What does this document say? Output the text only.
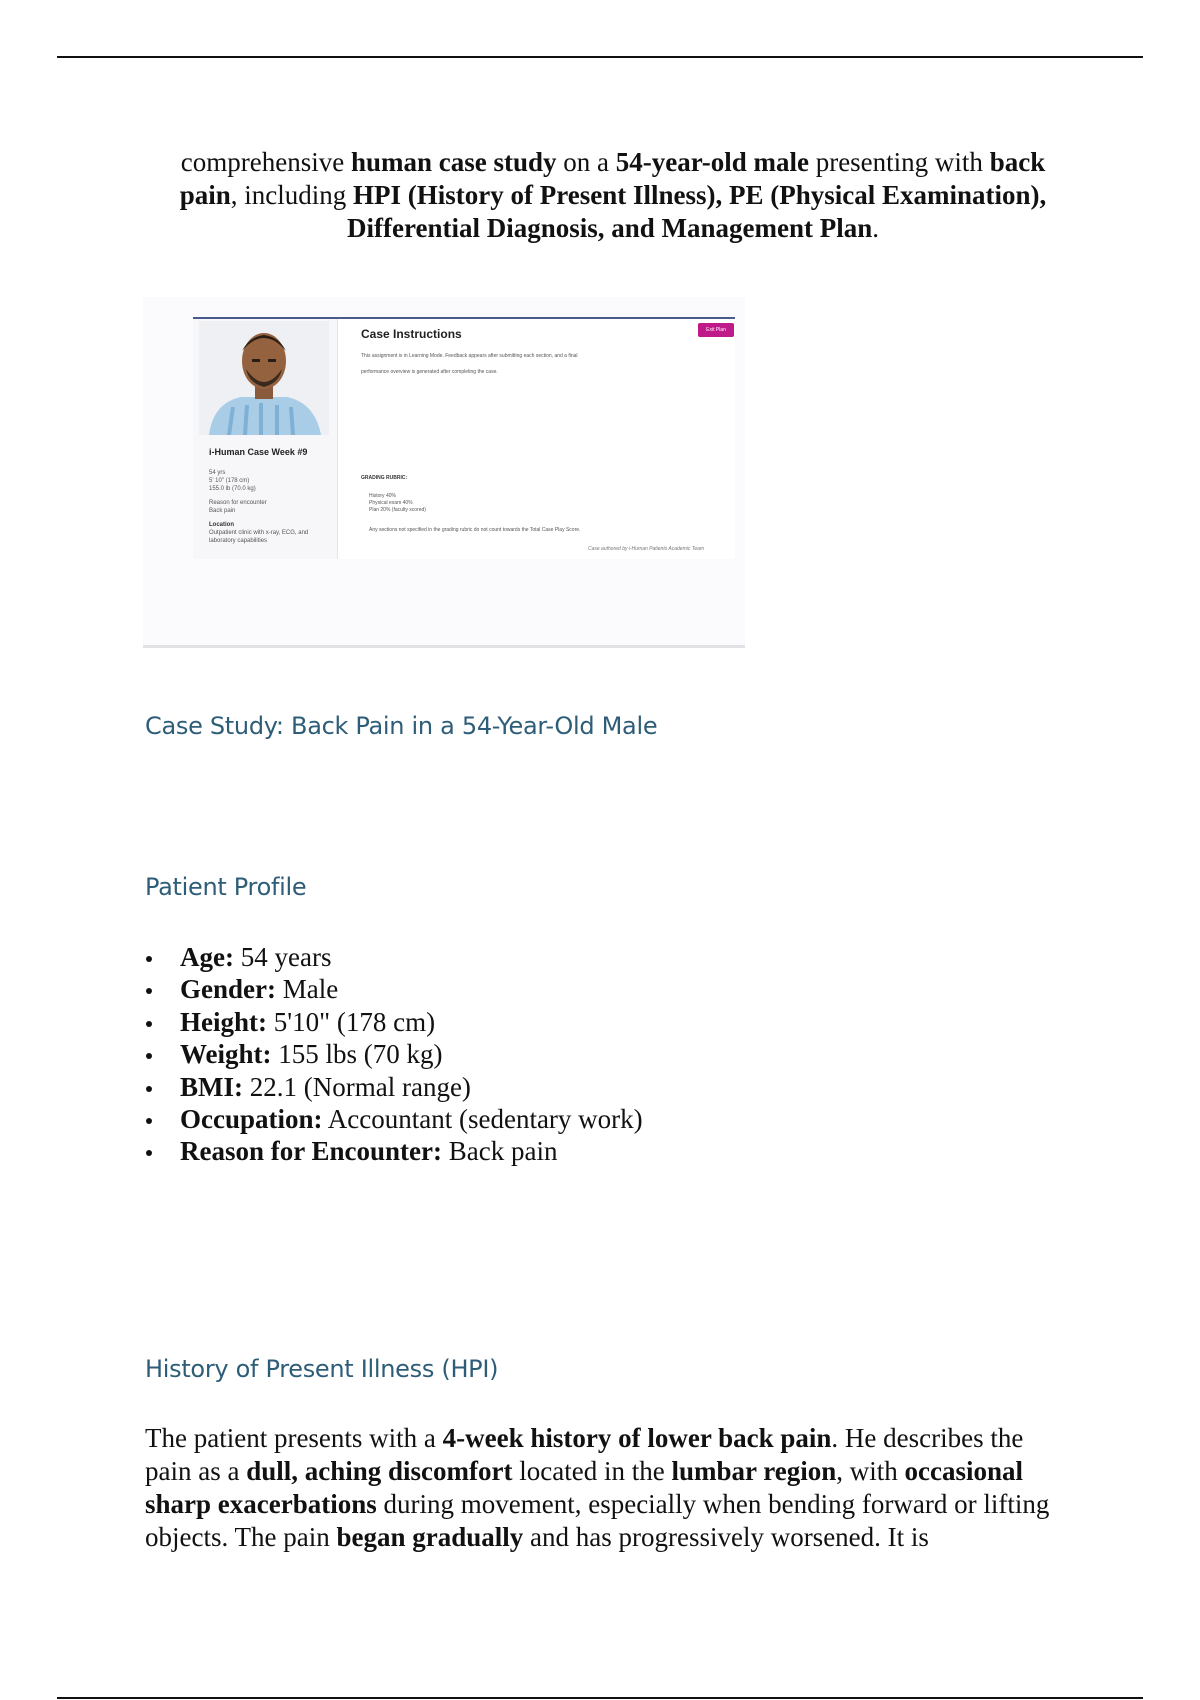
comprehensive human case study on a 54-year-old male presenting with back pain, including HPI (History of Present Illness), PE (Physical Examination), Differential Diagnosis, and Management Plan.
i-Human Case Week #9
54 yrs
5' 10" (178 cm)
155.0 lb (70.0 kg)
Reason for encounter
Back pain
Location
Outpatient clinic with x-ray, ECG, and laboratory capabilities
Case Instructions	Exit Plan
This assignment is in Learning Mode. Feedback appears after submitting each section, and a final
performance overview is generated after completing the case.
GRADING RUBRIC:
History 40%
Physical exam 40%
Plan 20% (faculty scored)
Any sections not specified in the grading rubric do not count towards the Total Case Play Score.
Case authored by i-Human Patients Academic Team
Case Study: Back Pain in a 54-Year-Old Male
Patient Profile
Age: 54 years
Gender: Male
Height: 5'10" (178 cm)
Weight: 155 lbs (70 kg)
BMI: 22.1 (Normal range)
Occupation: Accountant (sedentary work)
Reason for Encounter: Back pain
History of Present Illness (HPI)
The patient presents with a 4-week history of lower back pain. He describes the pain as a dull, aching discomfort located in the lumbar region, with occasional sharp exacerbations during movement, especially when bending forward or lifting objects. The pain began gradually and has progressively worsened. It is
